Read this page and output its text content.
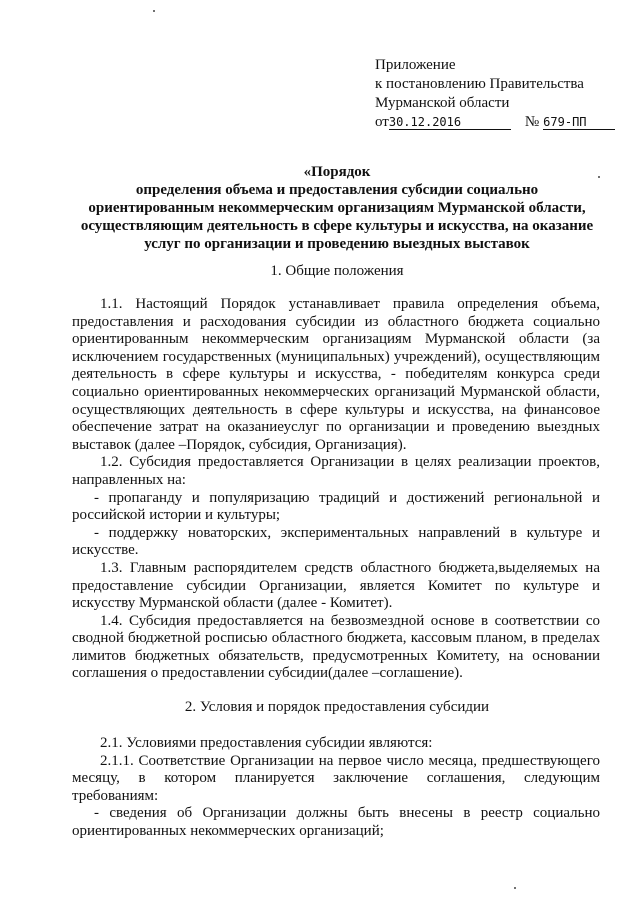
Приложение
к постановлению Правительства
Мурманской области
от30.12.2016	№ 679-ПП
«Порядок
определения объема и предоставления субсидии социально
ориентированным некоммерческим организациям Мурманской области,
осуществляющим деятельность в сфере культуры и искусства, на оказание
услуг по организации и проведению выездных выставок
1. Общие положения

1.1. Настоящий Порядок устанавливает правила определения объема, предоставления и расходования субсидии из областного бюджета социально ориентированным некоммерческим организациям Мурманской области (за исключением государственных (муниципальных) учреждений), осуществляющим деятельность в сфере культуры и искусства, - победителям конкурса среди социально ориентированных некоммерческих организаций Мурманской области, осуществляющих деятельность в сфере культуры и искусства, на финансовое обеспечение затрат на оказаниеуслуг по организации и проведению выездных выставок (далее –Порядок, субсидия, Организация).

1.2. Субсидия предоставляется Организации в целях реализации проектов, направленных на:

- пропаганду и популяризацию традиций и достижений региональной и российской истории и культуры;

- поддержку новаторских, экспериментальных направлений в культуре и искусстве.

1.3. Главным распорядителем средств областного бюджета,выделяемых на предоставление субсидии Организации, является Комитет по культуре и искусству Мурманской области (далее - Комитет).

1.4. Субсидия предоставляется на безвозмездной основе в соответствии со сводной бюджетной росписью областного бюджета, кассовым планом, в пределах лимитов бюджетных обязательств, предусмотренных Комитету, на основании соглашения о предоставлении субсидии(далее –соглашение).

2. Условия и порядок предоставления субсидии

2.1. Условиями предоставления субсидии являются:

2.1.1. Соответствие Организации на первое число месяца, предшествующего месяцу, в котором планируется заключение соглашения, следующим требованиям:

- сведения об Организации должны быть внесены в реестр социально ориентированных некоммерческих организаций;
